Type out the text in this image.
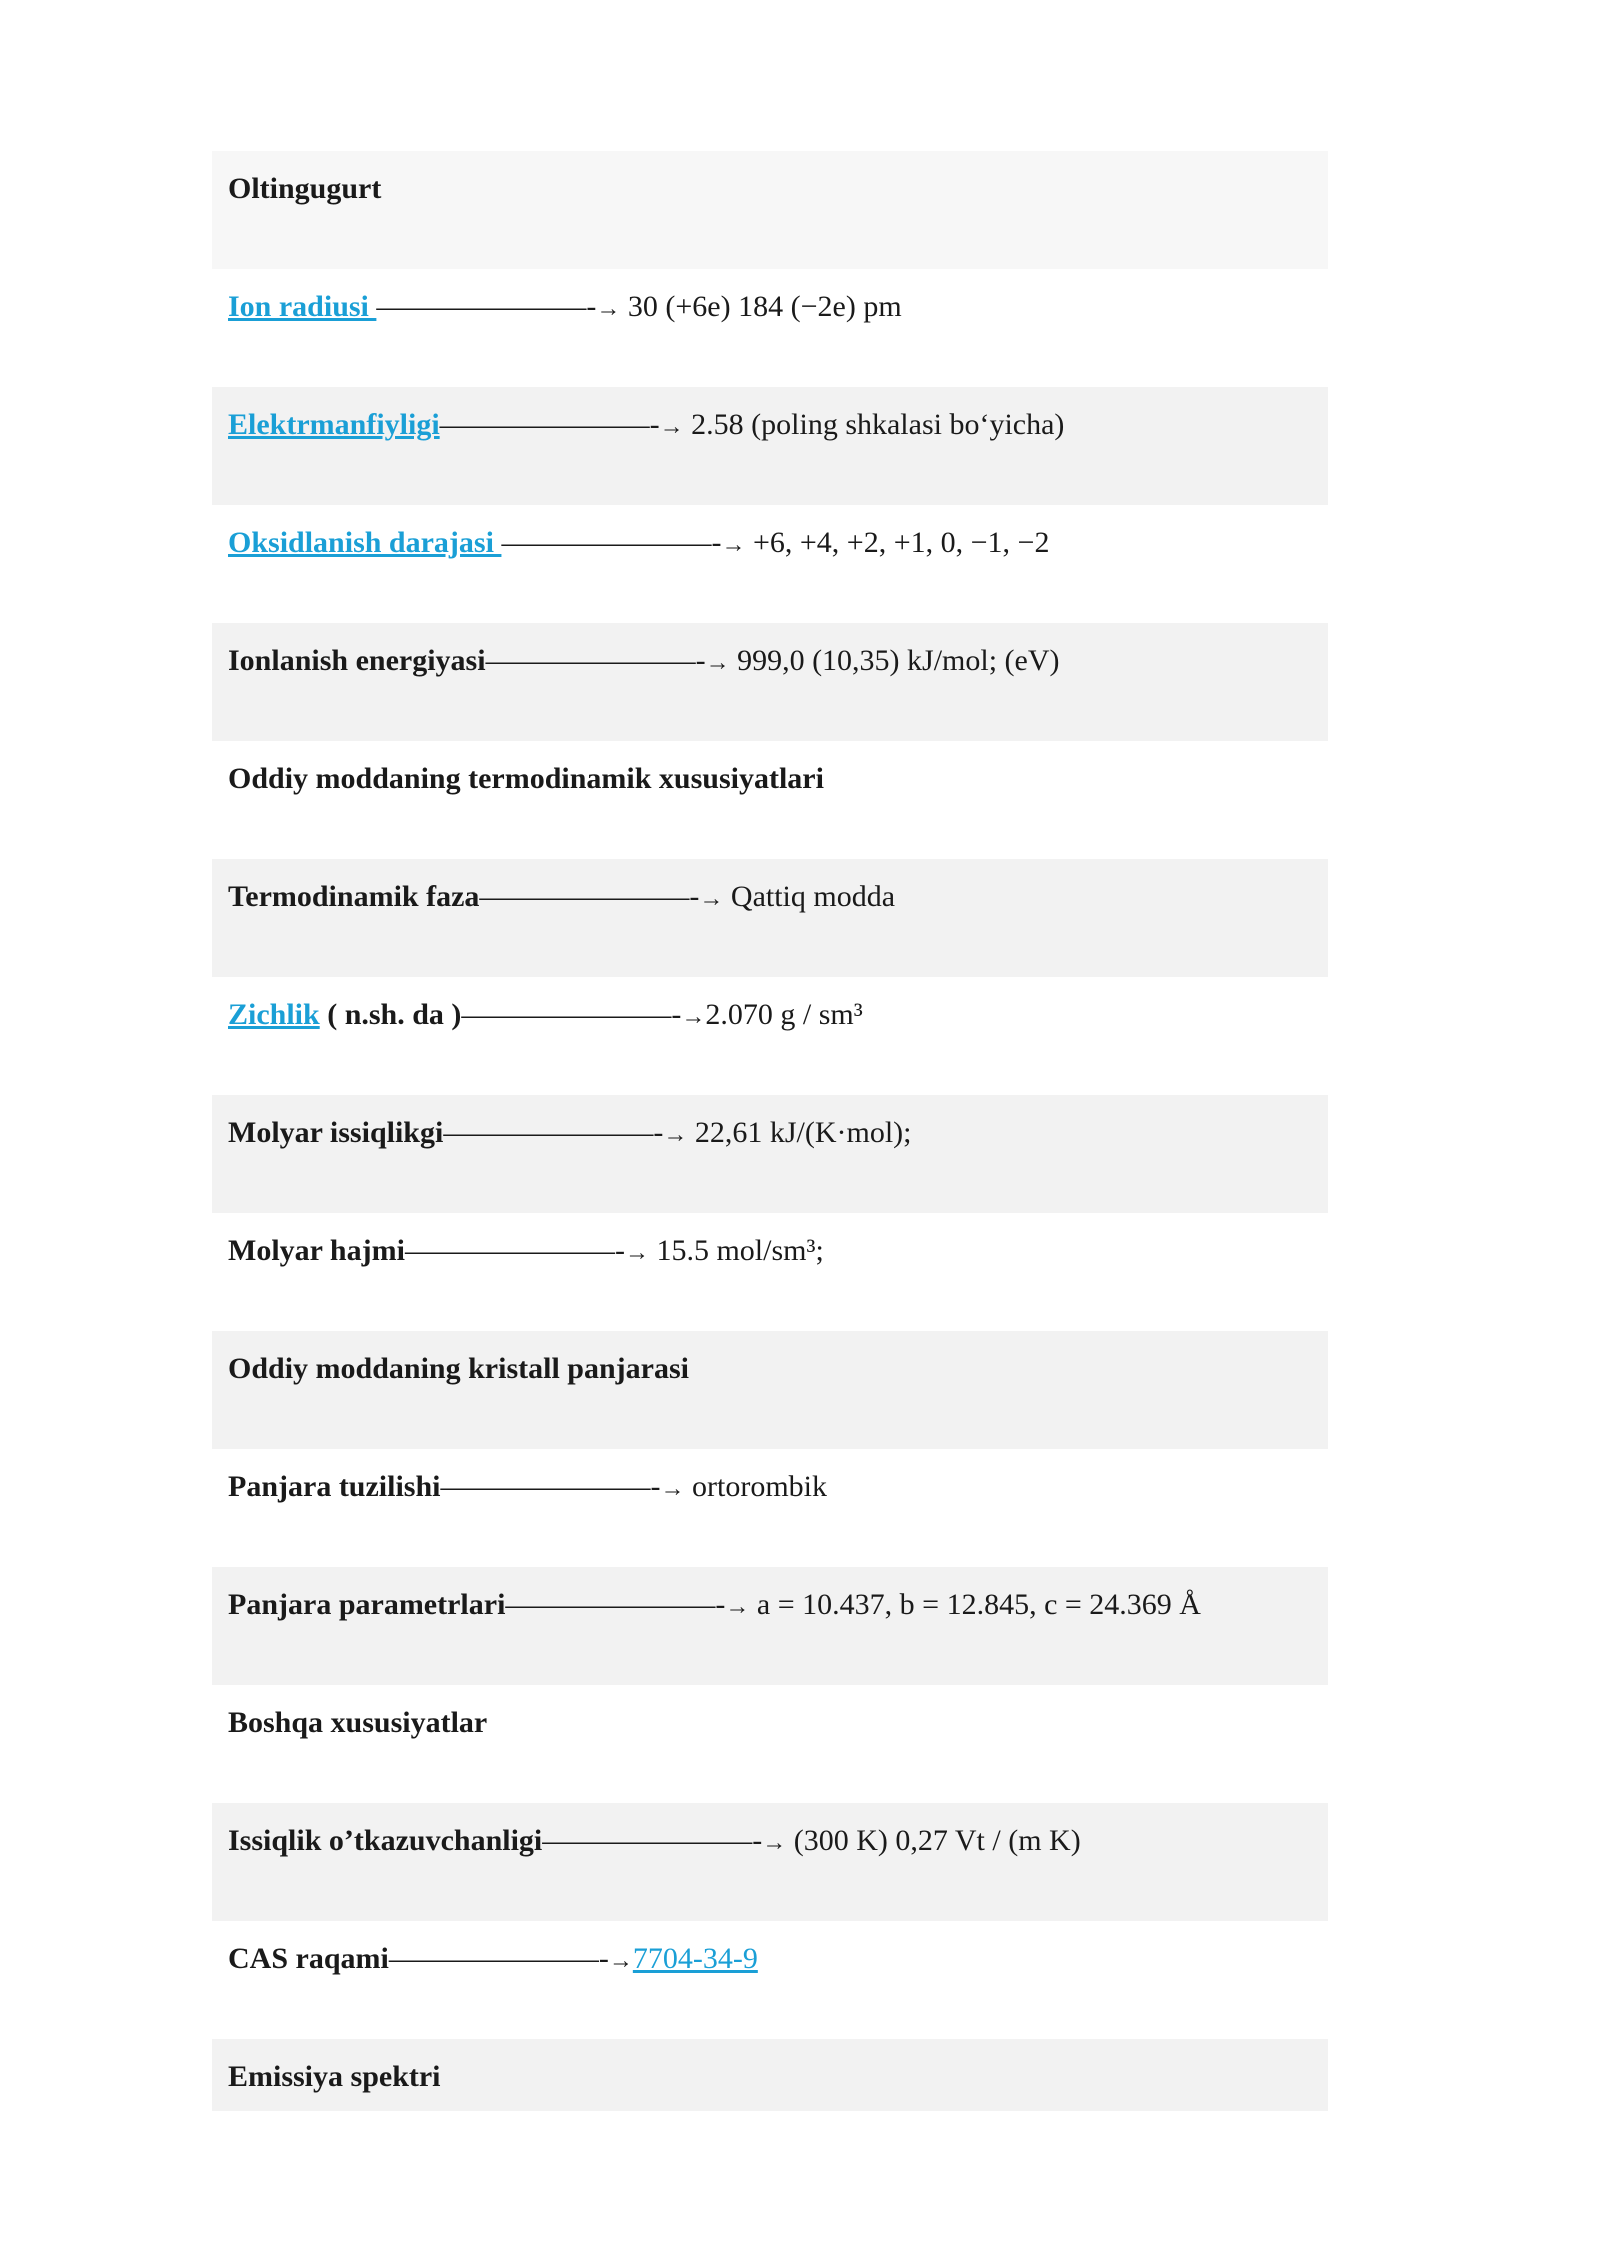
Oltingugurt
Ion radiusi ———————-→ 30 (+6e) 184 (−2e) pm
Elektrmanfiyligi———————-→ 2.58 (poling shkalasi bo‘yicha)
Oksidlanish darajasi ———————-→ +6, +4, +2, +1, 0, −1, −2
Ionlanish energiyasi———————-→ 999,0 (10,35) kJ/mol; (eV)
Oddiy moddaning termodinamik xususiyatlari
Termodinamik faza———————-→ Qattiq modda
Zichlik ( n.sh. da )———————-→2.070 g / sm³
Molyar issiqlikgi———————-→ 22,61 kJ/(K·mol);
Molyar hajmi———————-→ 15.5 mol/sm³;
Oddiy moddaning kristall panjarasi
Panjara tuzilishi———————-→ ortorombik
Panjara parametrlari———————-→ a = 10.437, b = 12.845, c = 24.369 Å
Boshqa xususiyatlar
Issiqlik o’tkazuvchanligi———————-→ (300 K) 0,27 Vt / (m K)
CAS raqami———————-→7704-34-9
Emissiya spektri
